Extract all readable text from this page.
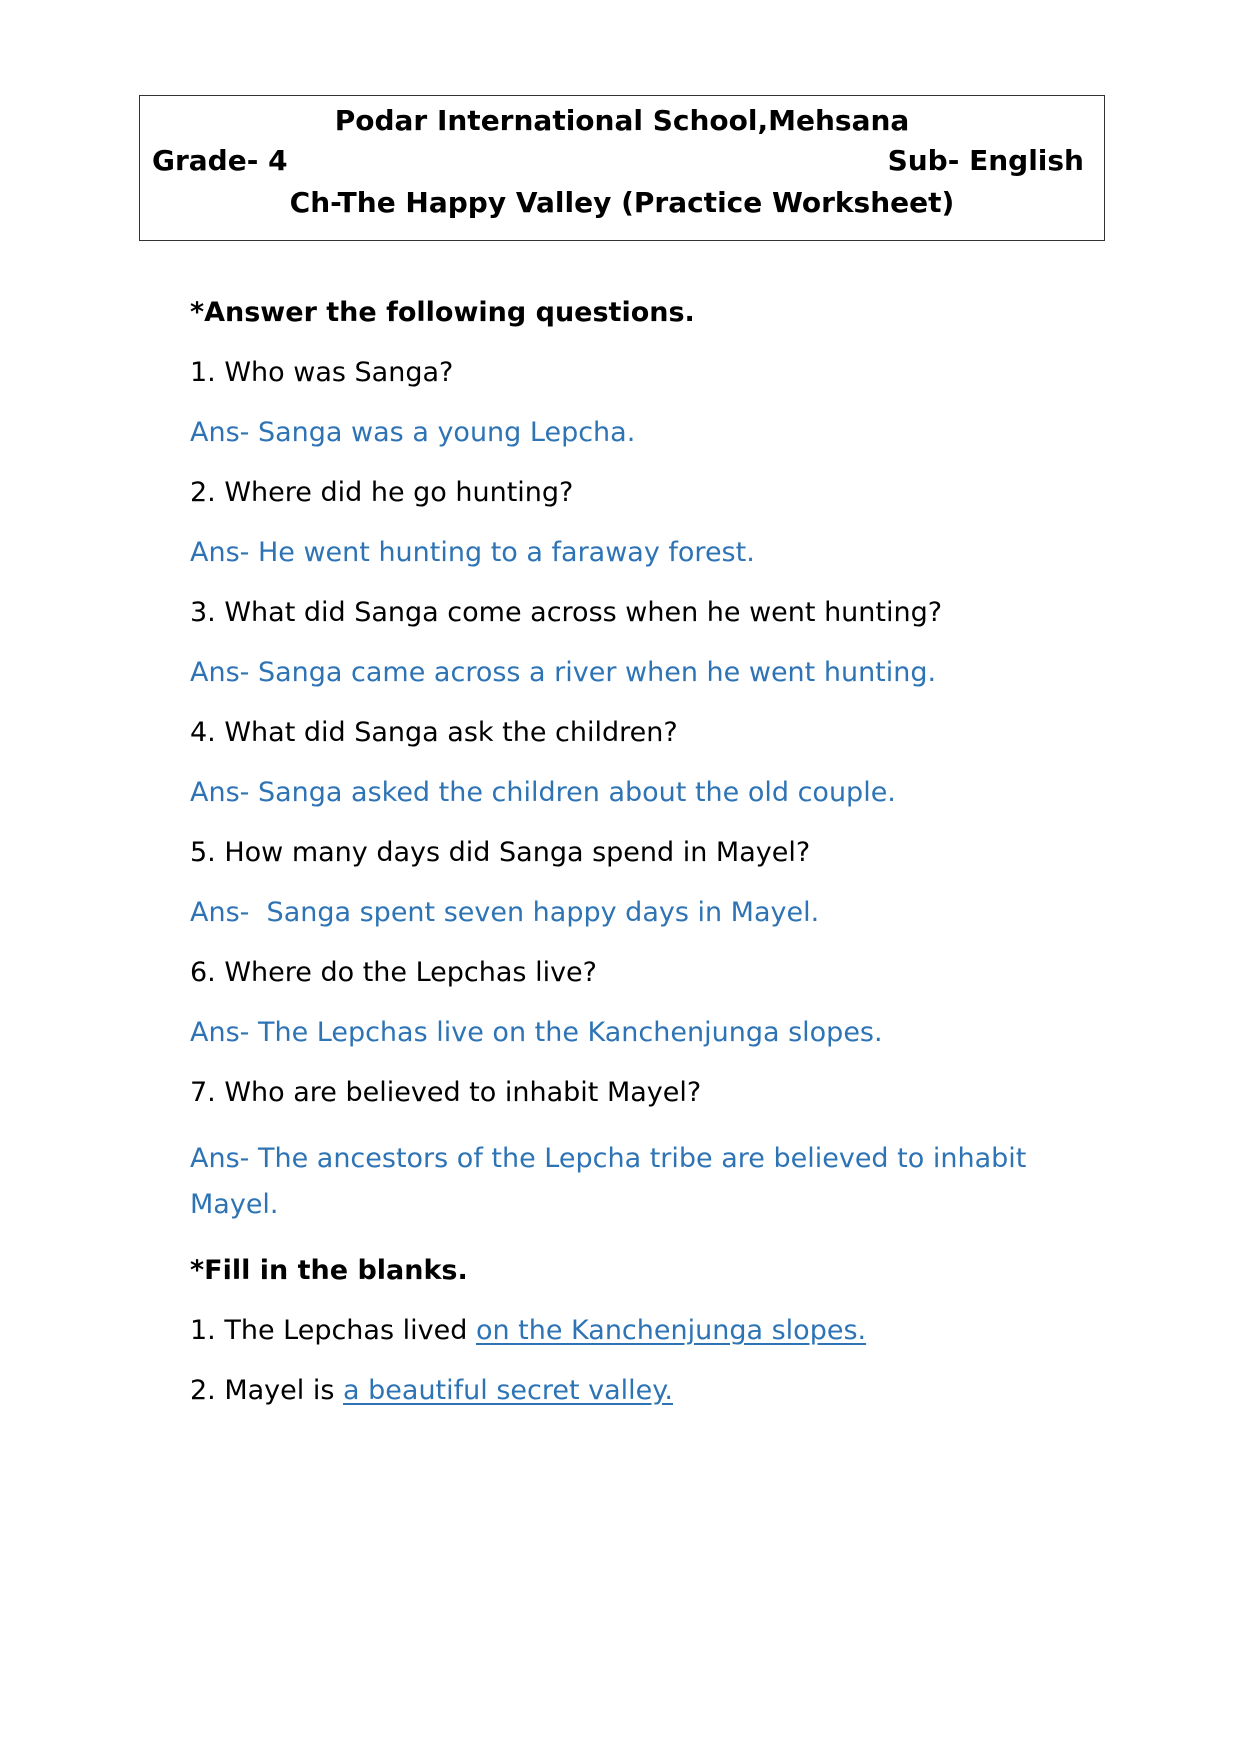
Podar International School,Mehsana
Grade- 4	Sub- English
Ch-The Happy Valley (Practice Worksheet)

*Answer the following questions.

1. Who was Sanga?

Ans- Sanga was a young Lepcha.

2. Where did he go hunting?

Ans- He went hunting to a faraway forest.

3. What did Sanga come across when he went hunting?

Ans- Sanga came across a river when he went hunting.

4. What did Sanga ask the children?

Ans- Sanga asked the children about the old couple.

5. How many days did Sanga spend in Mayel?

Ans-  Sanga spent seven happy days in Mayel.

6. Where do the Lepchas live?

Ans- The Lepchas live on the Kanchenjunga slopes.

7. Who are believed to inhabit Mayel?

Ans- The ancestors of the Lepcha tribe are believed to inhabit Mayel.

*Fill in the blanks.

1. The Lepchas lived on the Kanchenjunga slopes.

2. Mayel is a beautiful secret valley.
